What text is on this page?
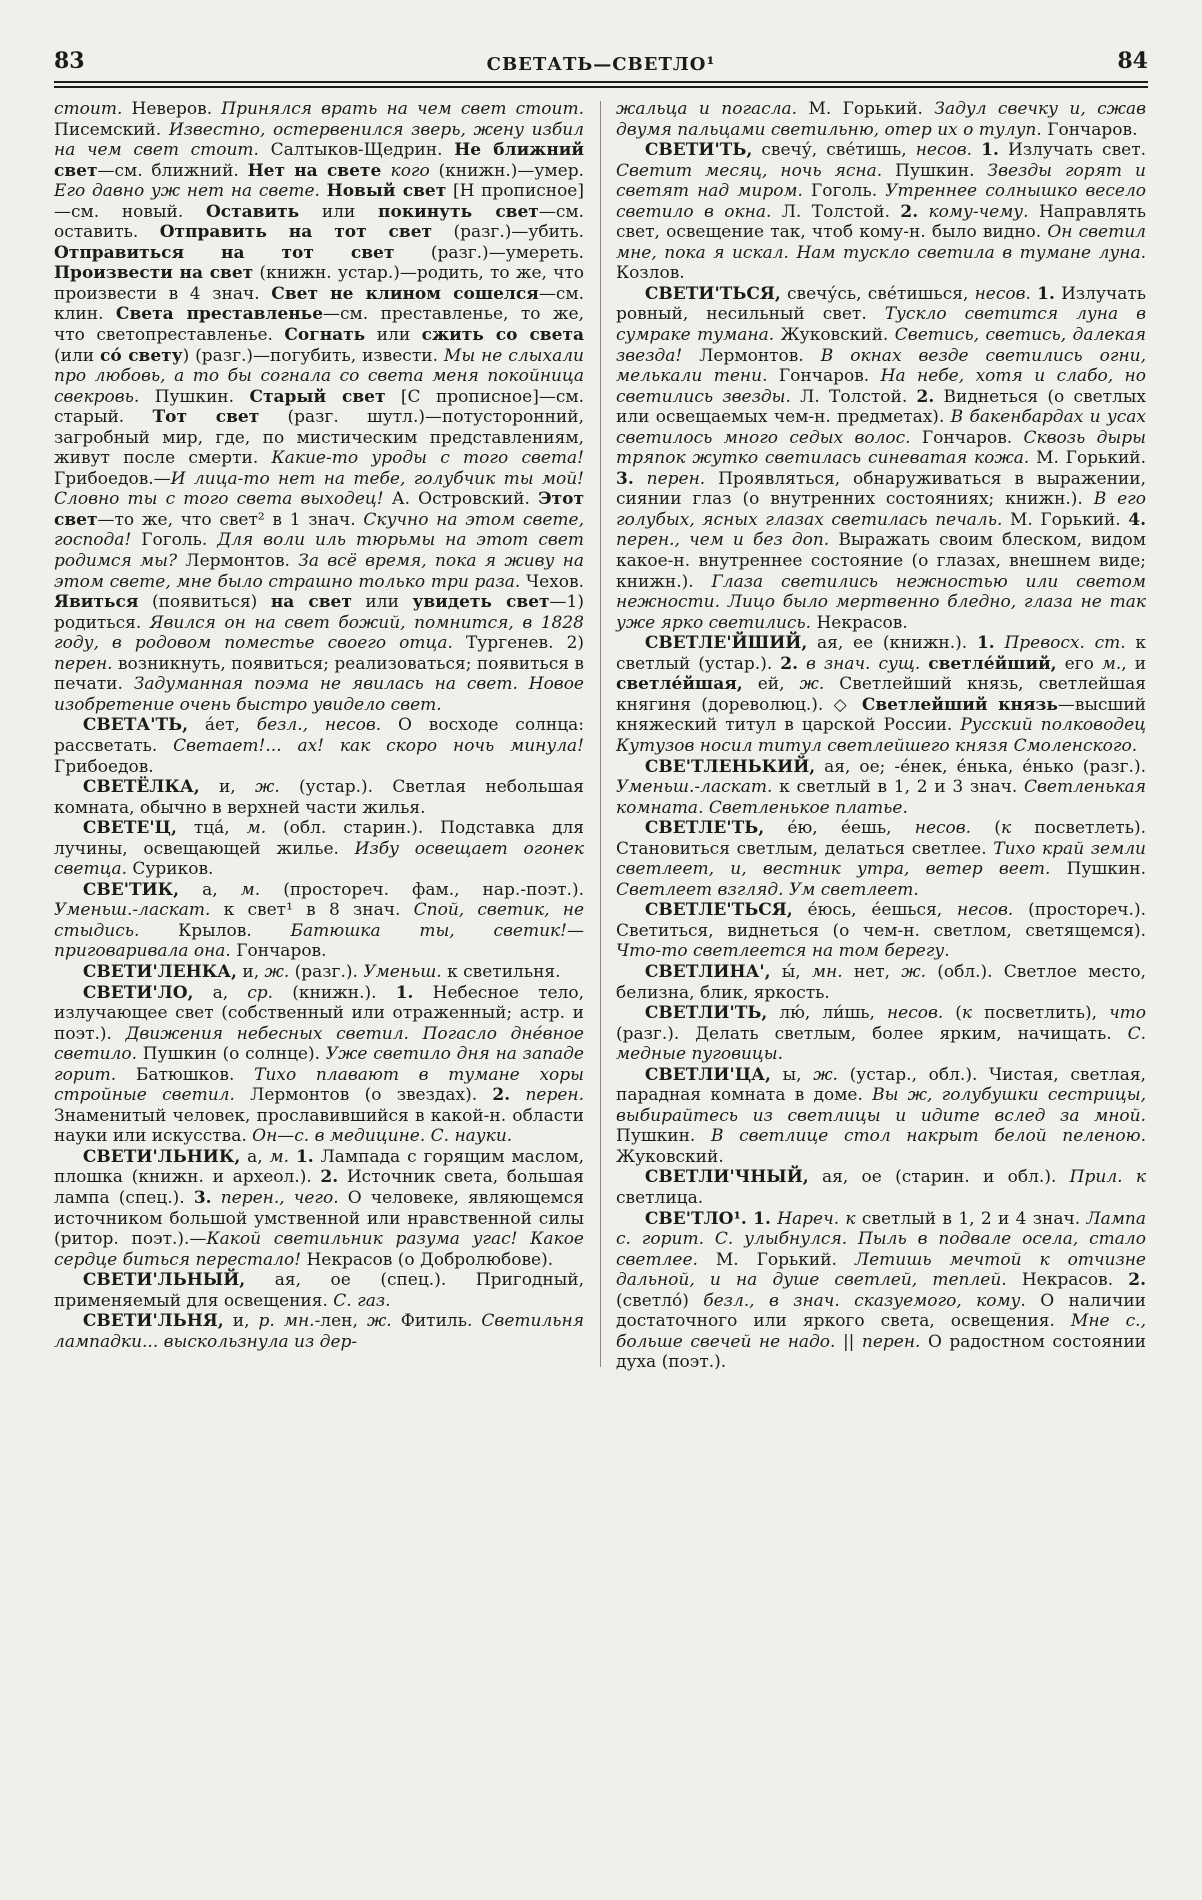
83	СВЕТАТЬ—СВЕТЛО¹	84

стоит. Неверов. Принялся врать на чем свет стоит. Писемский. Известно, остервенился зверь, жену избил на чем свет стоит. Салтыков-Щедрин. Не ближний свет—см. ближний. Нет на свете кого (книжн.)—умер. Его давно уж нет на свете. Новый свет [Н прописное]—см. новый. Оставить или покинуть свет—см. оставить. Отправить на тот свет (разг.)—убить. Отправиться на тот свет (разг.)—умереть. Произвести на свет (книжн. устар.)—родить, то же, что произвести в 4 знач. Свет не клином сошелся—см. клин. Света преставленье—см. преставленье, то же, что светопреставленье. Согнать или сжить со света (или со́ свету) (разг.)—погубить, извести. Мы не слыхали про любовь, а то бы согнала со света меня покойница свекровь. Пушкин. Старый свет [С прописное]—см. старый. Тот свет (разг. шутл.)—потусторонний, загробный мир, где, по мистическим представлениям, живут после смерти. Какие-то уроды с того света! Грибоедов.—И лица-то нет на тебе, голубчик ты мой! Словно ты с того света выходец! А. Островский. Этот свет—то же, что свет² в 1 знач. Скучно на этом свете, господа! Гоголь. Для воли иль тюрьмы на этот свет родимся мы? Лермонтов. За всё время, пока я живу на этом свете, мне было страшно только три раза. Чехов. Явиться (появиться) на свет или увидеть свет—1) родиться. Явился он на свет божий, помнится, в 1828 году, в родовом поместье своего отца. Тургенев. 2) перен. возникнуть, появиться; реализоваться; появиться в печати. Задуманная поэма не явилась на свет. Новое изобретение очень быстро увидело свет.

СВЕТА'ТЬ, а́ет, безл., несов. О восходе солнца: рассветать. Светает!... ах! как скоро ночь минула! Грибоедов.

СВЕТЁЛКА, и, ж. (устар.). Светлая небольшая комната, обычно в верхней части жилья.

СВЕТЕ'Ц, тца́, м. (обл. старин.). Подставка для лучины, освещающей жилье. Избу освещает огонек светца. Суриков.

СВЕ'ТИК, а, м. (простореч. фам., нар.-поэт.). Уменьш.-ласкат. к свет¹ в 8 знач. Спой, светик, не стыдись. Крылов. Батюшка ты, светик!—приговаривала она. Гончаров.

СВЕТИ'ЛЕНКА, и, ж. (разг.). Уменьш. к светильня.

СВЕТИ'ЛО, а, ср. (книжн.). 1. Небесное тело, излучающее свет (собственный или отраженный; астр. и поэт.). Движения небесных светил. Погасло дне́вное светило. Пушкин (о солнце). Уже светило дня на западе горит. Батюшков. Тихо плавают в тумане хоры стройные светил. Лермонтов (о звездах). 2. перен. Знаменитый человек, прославившийся в какой-н. области науки или искусства. Он—с. в медицине. С. науки.

СВЕТИ'ЛЬНИК, а, м. 1. Лампада с горящим маслом, плошка (книжн. и археол.). 2. Источник света, большая лампа (спец.). 3. перен., чего. О человеке, являющемся источником большой умственной или нравственной силы (ритор. поэт.).—Какой светильник разума угас! Какое сердце биться перестало! Некрасов (о Добролюбове).

СВЕТИ'ЛЬНЫЙ, ая, ое (спец.). Пригодный, применяемый для освещения. С. газ.

СВЕТИ'ЛЬНЯ, и, р. мн.-лен, ж. Фитиль. Светильня лампадки... выскользнула из дер-

жальца и погасла. М. Горький. Задул свечку и, сжав двумя пальцами светильню, отер их о тулуп. Гончаров.

СВЕТИ'ТЬ, свечу́, све́тишь, несов. 1. Излучать свет. Светит месяц, ночь ясна. Пушкин. Звезды горят и светят над миром. Гоголь. Утреннее солнышко весело светило в окна. Л. Толстой. 2. кому-чему. Направлять свет, освещение так, чтоб кому-н. было видно. Он светил мне, пока я искал. Нам тускло светила в тумане луна. Козлов.

СВЕТИ'ТЬСЯ, свечу́сь, све́тишься, несов. 1. Излучать ровный, несильный свет. Тускло светится луна в сумраке тумана. Жуковский. Светись, светись, далекая звезда! Лермонтов. В окнах везде светились огни, мелькали тени. Гончаров. На небе, хотя и слабо, но светились звезды. Л. Толстой. 2. Виднеться (о светлых или освещаемых чем-н. предметах). В бакенбардах и усах светилось много седых волос. Гончаров. Сквозь дыры тряпок жутко светилась синеватая кожа. М. Горький. 3. перен. Проявляться, обнаруживаться в выражении, сиянии глаз (о внутренних состояниях; книжн.). В его голубых, ясных глазах светилась печаль. М. Горький. 4. перен., чем и без доп. Выражать своим блеском, видом какое-н. внутреннее состояние (о глазах, внешнем виде; книжн.). Глаза светились нежностью или светом нежности. Лицо было мертвенно бледно, глаза не так уже ярко светились. Некрасов.

СВЕТЛЕ'ЙШИЙ, ая, ее (книжн.). 1. Превосх. ст. к светлый (устар.). 2. в знач. сущ. светле́йший, его м., и светле́йшая, ей, ж. Светлейший князь, светлейшая княгиня (дореволюц.). ◇ Светлейший князь—высший княжеский титул в царской России. Русский полководец Кутузов носил титул светлейшего князя Смоленского.

СВЕ'ТЛЕНЬКИЙ, ая, ое; -е́нек, е́нька, е́нько (разг.). Уменьш.-ласкат. к светлый в 1, 2 и 3 знач. Светленькая комната. Светленькое платье.

СВЕТЛЕ'ТЬ, е́ю, е́ешь, несов. (к посветлеть). Становиться светлым, делаться светлее. Тихо край земли светлеет, и, вестник утра, ветер веет. Пушкин. Светлеет взгляд. Ум светлеет.

СВЕТЛЕ'ТЬСЯ, е́юсь, е́ешься, несов. (простореч.). Светиться, виднеться (о чем-н. светлом, светящемся). Что-то светлеется на том берегу.

СВЕТЛИНА', ы́, мн. нет, ж. (обл.). Светлое место, белизна, блик, яркость.

СВЕТЛИ'ТЬ, лю́, ли́шь, несов. (к посветлить), что (разг.). Делать светлым, более ярким, начищать. С. медные пуговицы.

СВЕТЛИ'ЦА, ы, ж. (устар., обл.). Чистая, светлая, парадная комната в доме. Вы ж, голубушки сестрицы, выбирайтесь из светлицы и идите вслед за мной. Пушкин. В светлице стол накрыт белой пеленою. Жуковский.

СВЕТЛИ'ЧНЫЙ, ая, ое (старин. и обл.). Прил. к светлица.

СВЕ'ТЛО¹. 1. Нареч. к светлый в 1, 2 и 4 знач. Лампа с. горит. С. улыбнулся. Пыль в подвале осела, стало светлее. М. Горький. Летишь мечтой к отчизне дальной, и на душе светлей, теплей. Некрасов. 2. (светло́) безл., в знач. сказуемого, кому. О наличии достаточного или яркого света, освещения. Мне с., больше свечей не надо. || перен. О радостном состоянии духа (поэт.).
